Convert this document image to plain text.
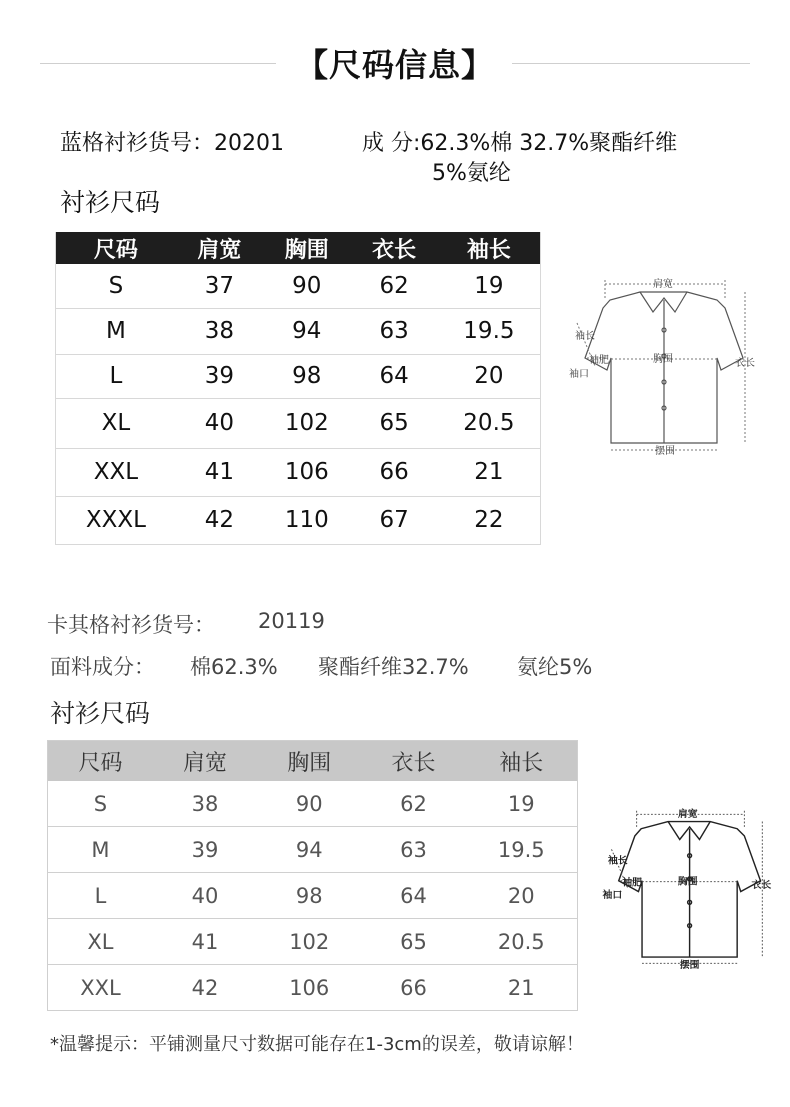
【尺码信息】
蓝格衬衫货号：20201	成 分:62.3%棉 32.7%聚酯纤维
5%氨纶
衬衫尺码
尺码	肩宽	胸围	衣长	袖长
S	37	90	62	19
M	38	94	63	19.5
L	39	98	64	20
XL	40	102	65	20.5
XXL	41	106	66	21
XXXL	42	110	67	22
肩宽
袖长
袖肥	胸围
袖口
衣长
摆围
卡其格衬衫货号： 20119
面料成分： 棉62.3% 聚酯纤维32.7% 氨纶5%
衬衫尺码
尺码	肩宽	胸围	衣长	袖长
S	38	90	62	19
M	39	94	63	19.5
L	40	98	64	20
XL	41	102	65	20.5
XXL	42	106	66	21
肩宽
袖长
袖肥	胸围
袖口
衣长
摆围
*温馨提示：平铺测量尺寸数据可能存在1-3cm的误差，敬请谅解！
